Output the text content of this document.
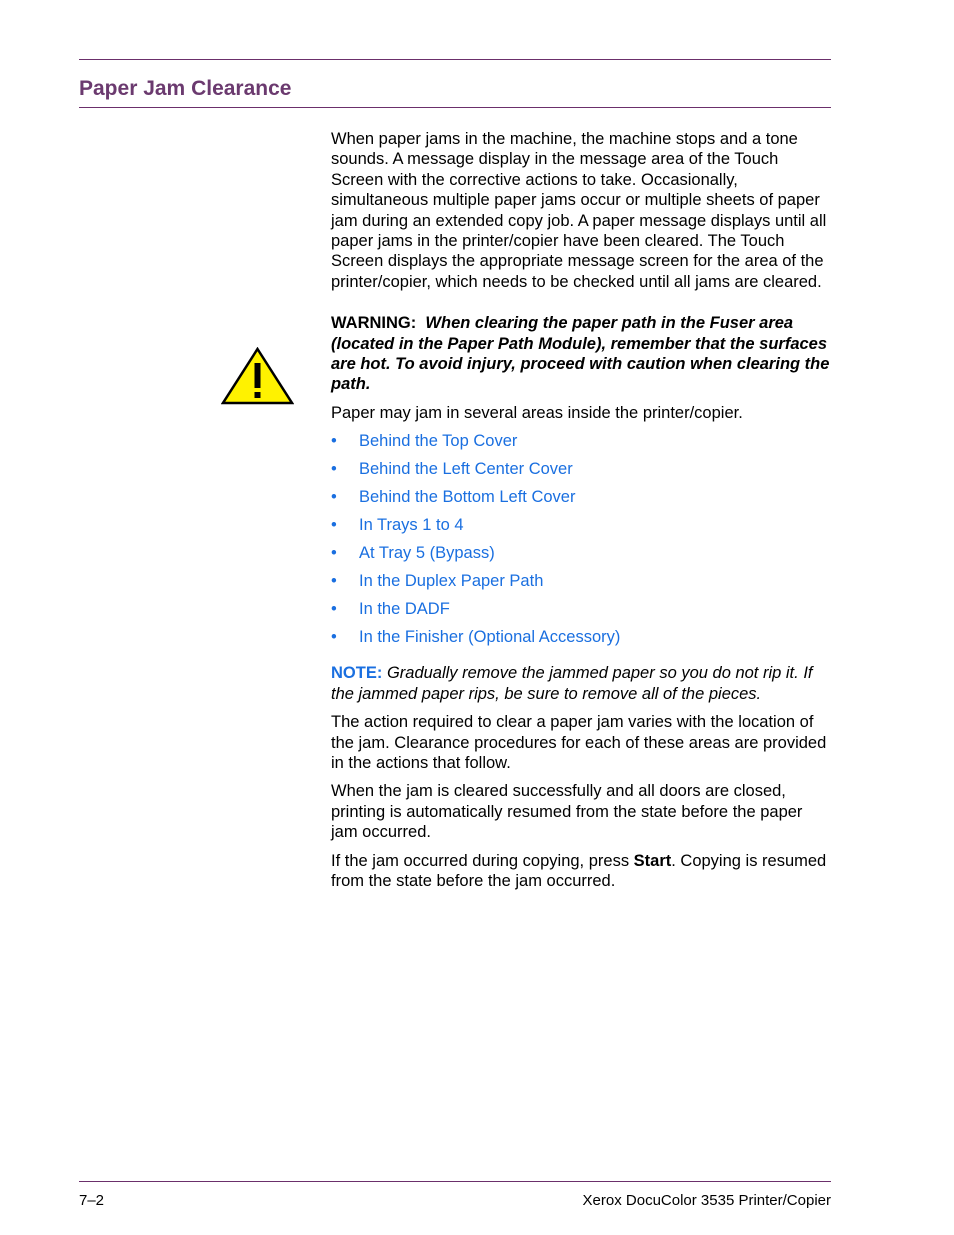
Paper Jam Clearance

When paper jams in the machine, the machine stops and a tone sounds. A message display in the message area of the Touch Screen with the corrective actions to take. Occasionally, simultaneous multiple paper jams occur or multiple sheets of paper jam during an extended copy job. A paper message displays until all paper jams in the printer/copier have been cleared. The Touch Screen displays the appropriate message screen for the area of the printer/copier, which needs to be checked until all jams are cleared.

WARNING: When clearing the paper path in the Fuser area (located in the Paper Path Module), remember that the surfaces are hot. To avoid injury, proceed with caution when clearing the path.

Paper may jam in several areas inside the printer/copier.

• Behind the Top Cover
• Behind the Left Center Cover
• Behind the Bottom Left Cover
• In Trays 1 to 4
• At Tray 5 (Bypass)
• In the Duplex Paper Path
• In the DADF
• In the Finisher (Optional Accessory)

NOTE: Gradually remove the jammed paper so you do not rip it. If the jammed paper rips, be sure to remove all of the pieces.

The action required to clear a paper jam varies with the location of the jam. Clearance procedures for each of these areas are provided in the actions that follow.

When the jam is cleared successfully and all doors are closed, printing is automatically resumed from the state before the paper jam occurred.

If the jam occurred during copying, press Start. Copying is resumed from the state before the jam occurred.

7–2	Xerox DocuColor 3535 Printer/Copier
